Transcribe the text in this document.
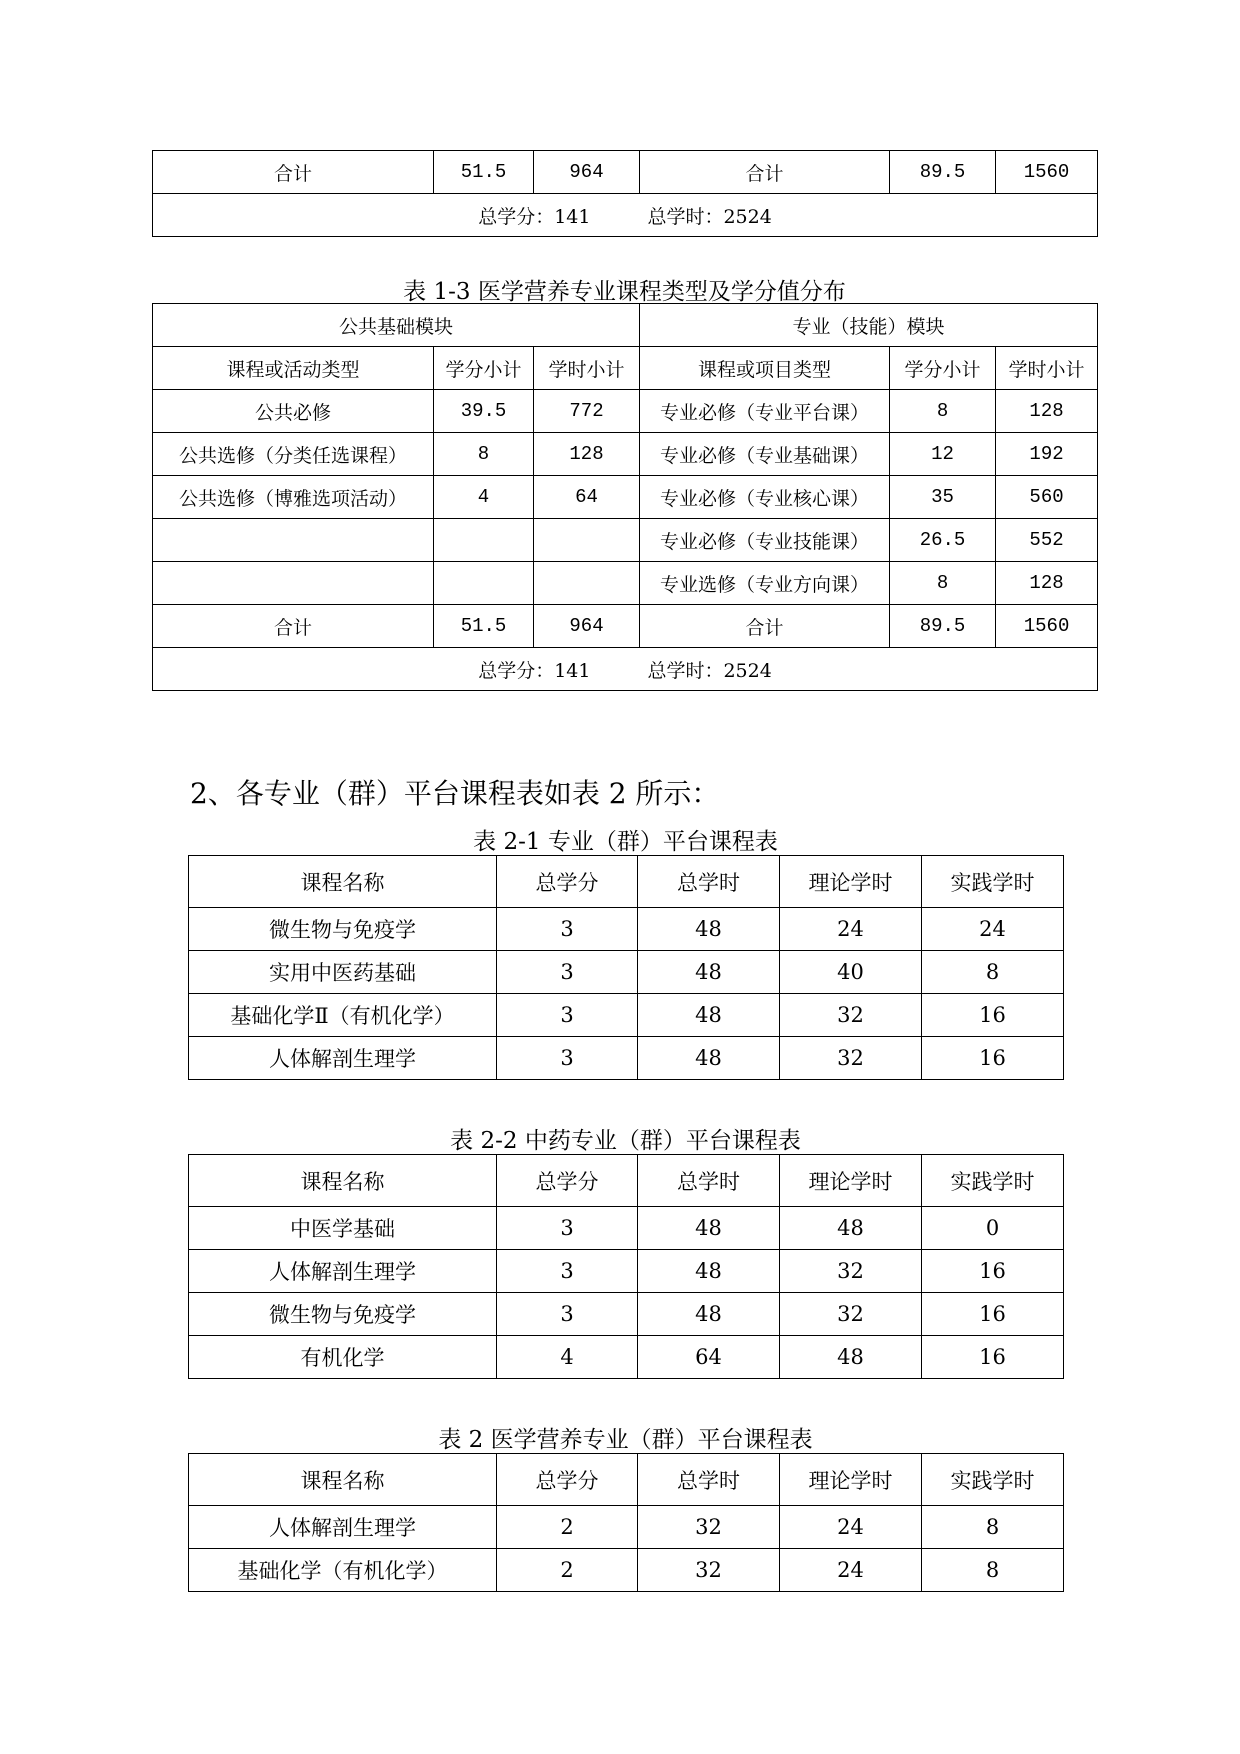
合计	51.5	964	合计	89.5	1560
总学分：141　　　总学时：2524
表 1-3 医学营养专业课程类型及学分值分布
公共基础模块			专业（技能）模块		
课程或活动类型	学分小计	学时小计	课程或项目类型	学分小计	学时小计
公共必修	39.5	772	专业必修（专业平台课）	8	128
公共选修（分类任选课程）	8	128	专业必修（专业基础课）	12	192
公共选修（博雅选项活动）	4	64	专业必修（专业核心课）	35	560
			专业必修（专业技能课）	26.5	552
			专业选修（专业方向课）	8	128
合计	51.5	964	合计	89.5	1560
总学分：141　　　总学时：2524					
2、各专业（群）平台课程表如表 2 所示：
表 2-1 专业（群）平台课程表
课程名称	总学分	总学时	理论学时	实践学时
微生物与免疫学	3	48	24	24
实用中医药基础	3	48	40	8
基础化学Ⅱ（有机化学）	3	48	32	16
人体解剖生理学	3	48	32	16
表 2-2 中药专业（群）平台课程表
课程名称	总学分	总学时	理论学时	实践学时
中医学基础	3	48	48	0
人体解剖生理学	3	48	32	16
微生物与免疫学	3	48	32	16
有机化学	4	64	48	16
表 2 医学营养专业（群）平台课程表
课程名称	总学分	总学时	理论学时	实践学时
人体解剖生理学	2	32	24	8
基础化学（有机化学）	2	32	24	8
